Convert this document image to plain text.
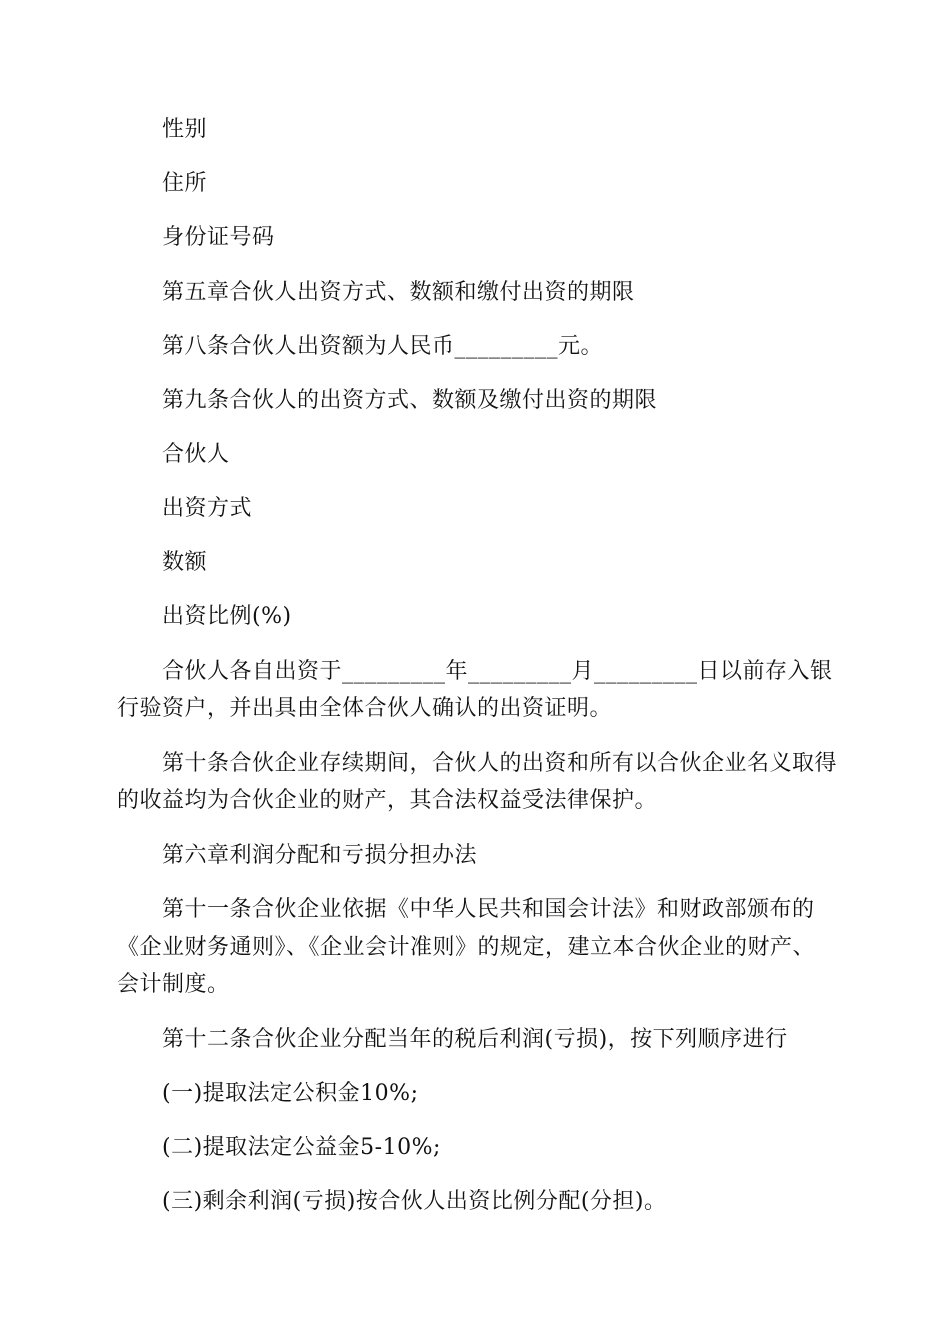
性别
住所
身份证号码
第五章合伙人出资方式、数额和缴付出资的期限
第八条合伙人出资额为人民币_________元。
第九条合伙人的出资方式、数额及缴付出资的期限
合伙人
出资方式
数额
出资比例(%)
合伙人各自出资于_________年_________月_________日以前存入银
行验资户，并出具由全体合伙人确认的出资证明。
第十条合伙企业存续期间，合伙人的出资和所有以合伙企业名义取得
的收益均为合伙企业的财产，其合法权益受法律保护。
第六章利润分配和亏损分担办法
第十一条合伙企业依据《中华人民共和国会计法》和财政部颁布的
《企业财务通则》、《企业会计准则》的规定，建立本合伙企业的财产、
会计制度。
第十二条合伙企业分配当年的税后利润(亏损)，按下列顺序进行
(一)提取法定公积金10%;
(二)提取法定公益金5-10%;
(三)剩余利润(亏损)按合伙人出资比例分配(分担)。
